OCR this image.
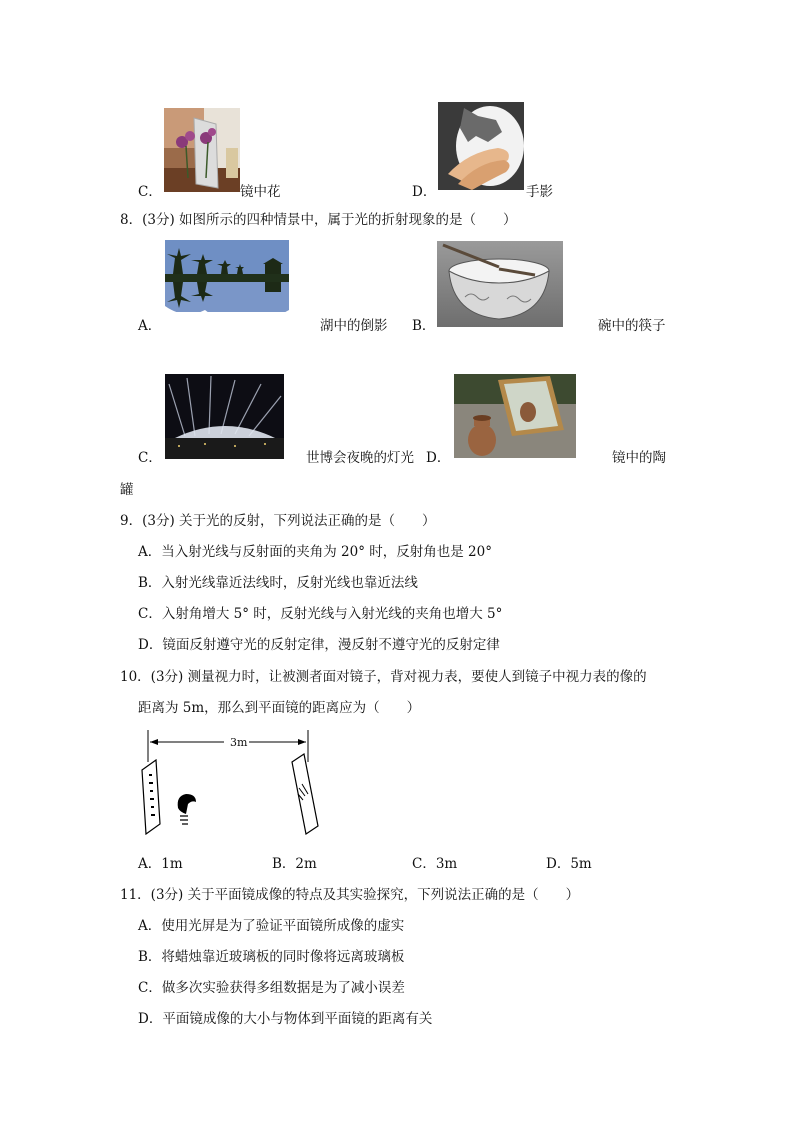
C．	镜中花	D．	手影
8．(3分) 如图所示的四种情景中，属于光的折射现象的是（　　）
A．	湖中的倒影 B．	碗中的筷子
C．	世博会夜晚的灯光 D．	镜中的陶
罐
9．(3分) 关于光的反射，下列说法正确的是（　　）
A．当入射光线与反射面的夹角为 20° 时，反射角也是 20°
B．入射光线靠近法线时，反射光线也靠近法线
C．入射角增大 5° 时，反射光线与入射光线的夹角也增大 5°
D．镜面反射遵守光的反射定律，漫反射不遵守光的反射定律
10．(3分) 测量视力时，让被测者面对镜子，背对视力表，要使人到镜子中视力表的像的
距离为 5m，那么到平面镜的距离应为（　　）
3m
A．1m	B．2m	C．3m	D．5m
11．(3分) 关于平面镜成像的特点及其实验探究，下列说法正确的是（　　）
A．使用光屏是为了验证平面镜所成像的虚实
B．将蜡烛靠近玻璃板的同时像将远离玻璃板
C．做多次实验获得多组数据是为了减小误差
D．平面镜成像的大小与物体到平面镜的距离有关
